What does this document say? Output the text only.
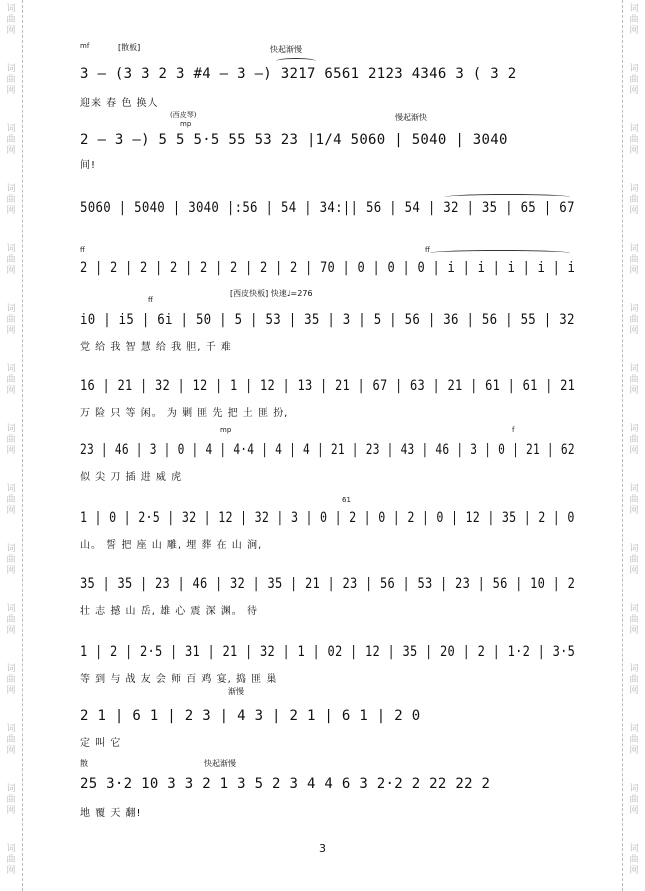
词
曲
网
词
曲
网
词
曲
网
词
曲
网
词
曲
网
词
曲
网
词
曲
网
词
曲
网
词
曲
网
词
曲
网
词
曲
网
词
曲
网
词
曲
网
词
曲
网
词
曲
网
词
曲
网
词
曲
网
词
曲
网
词
曲
网
词
曲
网
词
曲
网
词
曲
网
词
曲
网
词
曲
网
词
曲
网
词
曲
网
词
曲
网
词
曲
网
词
曲
网
词
曲
网
mf	[散板]	快起渐慢
3 – (3 3 2 3 #4 – 3 –) 3217 6561 2123 4346 3 ( 3 2
迎来 春 色 换人
(西皮琴)
mp
慢起渐快
2 – 3 –) 5 5 5·5 55 53 23 |1/4 5060 | 5040 | 3040
间!
5060 | 5040 | 3040 |:56 | 54 | 34:|| 56 | 54 | 32 | 35 | 65 | 67
ff	ff
2 | 2 | 2 | 2 | 2 | 2 | 2 | 2 | 70 | 0 | 0 | 0 | i | i | i | i | i
[西皮快板] 快速♩=276
ff
i0 | i5 | 6i | 50 | 5 | 53 | 35 | 3 | 5 | 56 | 36 | 56 | 55 | 32
党 给 我 智 慧 给 我 胆, 千 难
16 | 21 | 32 | 12 | 1 | 12 | 13 | 21 | 67 | 63 | 21 | 61 | 61 | 21
万 险 只 等 闲。 为 剿 匪 先 把 土 匪 扮,
mp	f
23 | 46 | 3 | 0 | 4 | 4·4 | 4 | 4 | 21 | 23 | 43 | 46 | 3 | 0 | 21 | 62
似 尖 刀 插 进 威 虎
61
1 | 0 | 2·5 | 32 | 12 | 32 | 3 | 0 | 2 | 0 | 2 | 0 | 12 | 35 | 2 | 0
山。 誓 把 座 山 雕, 埋 葬 在 山 涧,
35 | 35 | 23 | 46 | 32 | 35 | 21 | 23 | 56 | 53 | 23 | 56 | 10 | 2
壮 志 撼 山 岳, 雄 心 震 深 渊。 待
1 | 2 | 2·5 | 31 | 21 | 32 | 1 | 02 | 12 | 35 | 20 | 2 | 1·2 | 3·5
等 到 与 战 友 会 师 百 鸡 宴, 捣 匪 巢
渐慢
2 1 | 6 1 | 2 3 | 4 3 | 2 1 | 6 1 | 2 0
定 叫 它
散	快起渐慢
25 3·2 10 3 3 2 1 3 5 2 3 4 4 6 3 2·2 2 22 22 2
地 覆 天 翻!
3
